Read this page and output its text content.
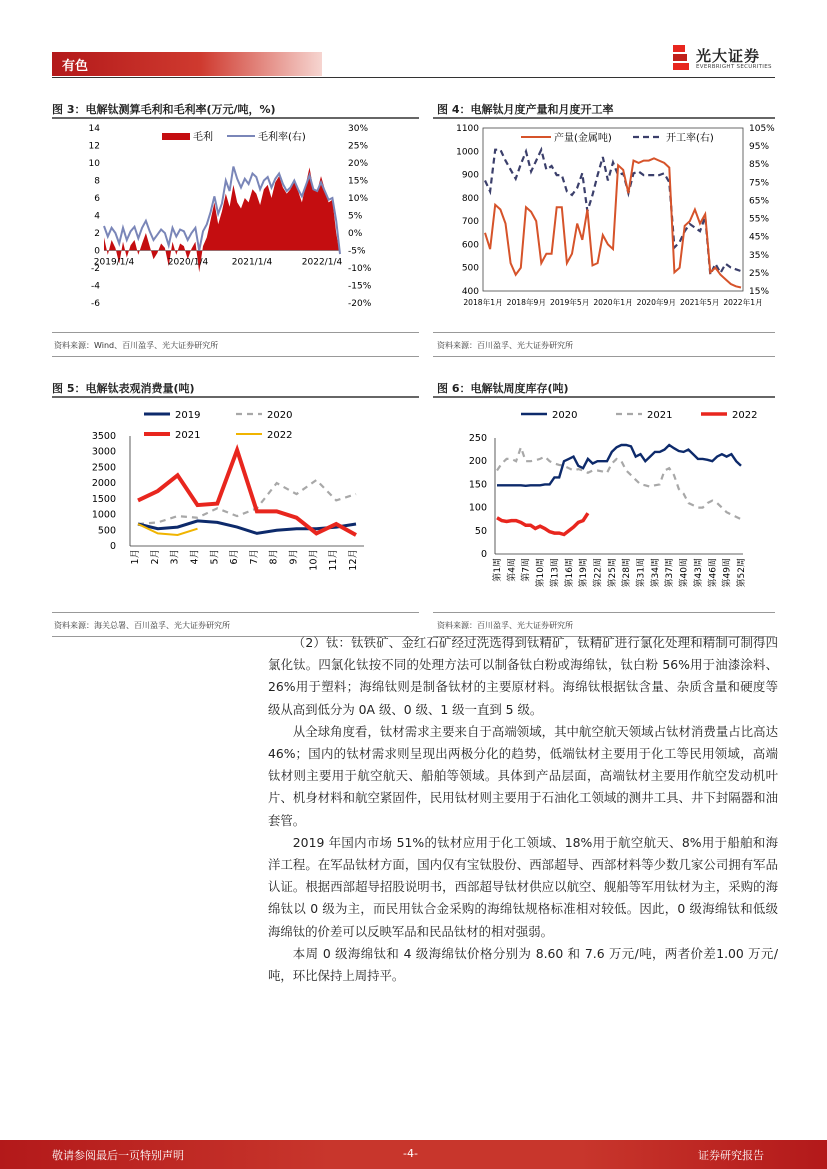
有色
光大证券
EVERBRIGHT SECURITIES
图 3：电解钛测算毛利和毛利率(万元/吨，%)
14
12
10
8
6
4
2
0
-2
-4
-6
30%
25%
20%
15%
10%
5%
0%
-5%
-10%
-15%
-20%
2019/1/4	2020/1/4	2021/1/4	2022/1/4
毛利	毛利率(右)
资料来源：Wind、百川盈孚、光大证券研究所
图 4：电解钛月度产量和月度开工率
1100
1000
900
800
700
600
500
400
105%
95%
85%
75%
65%
55%
45%
35%
25%
15%
2018年1月 2018年9月 2019年5月 2020年1月 2020年9月 2021年5月 2022年1月
产量(金属吨)	开工率(右)
资料来源：百川盈孚、光大证券研究所
图 5：电解钛表观消费量(吨)
3500
3000
2500
2000
1500
1000
500
0
1月 2月 3月 4月 5月 6月 7月 8月 9月 10月 11月 12月
2019	2020
2021	2022
资料来源：海关总署、百川盈孚、光大证券研究所
图 6：电解钛周度库存(吨)
250
200
150
100
50
0
第1周 第4周 第7周 第10周 第13周 第16周 第19周 第22周 第25周 第28周 第31周 第34周 第37周 第40周 第43周 第46周 第49周 第52周
2020	2021	2022
资料来源：百川盈孚、光大证券研究所

（2）钛：钛铁矿、金红石矿经过洗选得到钛精矿，钛精矿进行氯化处理和精制可制得四氯化钛。四氯化钛按不同的处理方法可以制备钛白粉或海绵钛，钛白粉 56%用于油漆涂料、26%用于塑料；海绵钛则是制备钛材的主要原材料。海绵钛根据钛含量、杂质含量和硬度等级从高到低分为 0A 级、0 级、1 级一直到 5 级。

从全球角度看，钛材需求主要来自于高端领域，其中航空航天领域占钛材消费量占比高达 46%；国内的钛材需求则呈现出两极分化的趋势，低端钛材主要用于化工等民用领域，高端钛材则主要用于航空航天、船舶等领域。具体到产品层面，高端钛材主要用作航空发动机叶片、机身材料和航空紧固件，民用钛材则主要用于石油化工领域的测井工具、井下封隔器和油套管。

2019 年国内市场 51%的钛材应用于化工领域、18%用于航空航天、8%用于船舶和海洋工程。在军品钛材方面，国内仅有宝钛股份、西部超导、西部材料等少数几家公司拥有军品认证。根据西部超导招股说明书，西部超导钛材供应以航空、舰船等军用钛材为主，采购的海绵钛以 0 级为主，而民用钛合金采购的海绵钛规格标准相对较低。因此，0 级海绵钛和低级海绵钛的价差可以反映军品和民品钛材的相对强弱。

本周 0 级海绵钛和 4 级海绵钛价格分别为 8.60 和 7.6 万元/吨，两者价差1.00 万元/吨，环比保持上周持平。

敬请参阅最后一页特别声明	-4-	证券研究报告
